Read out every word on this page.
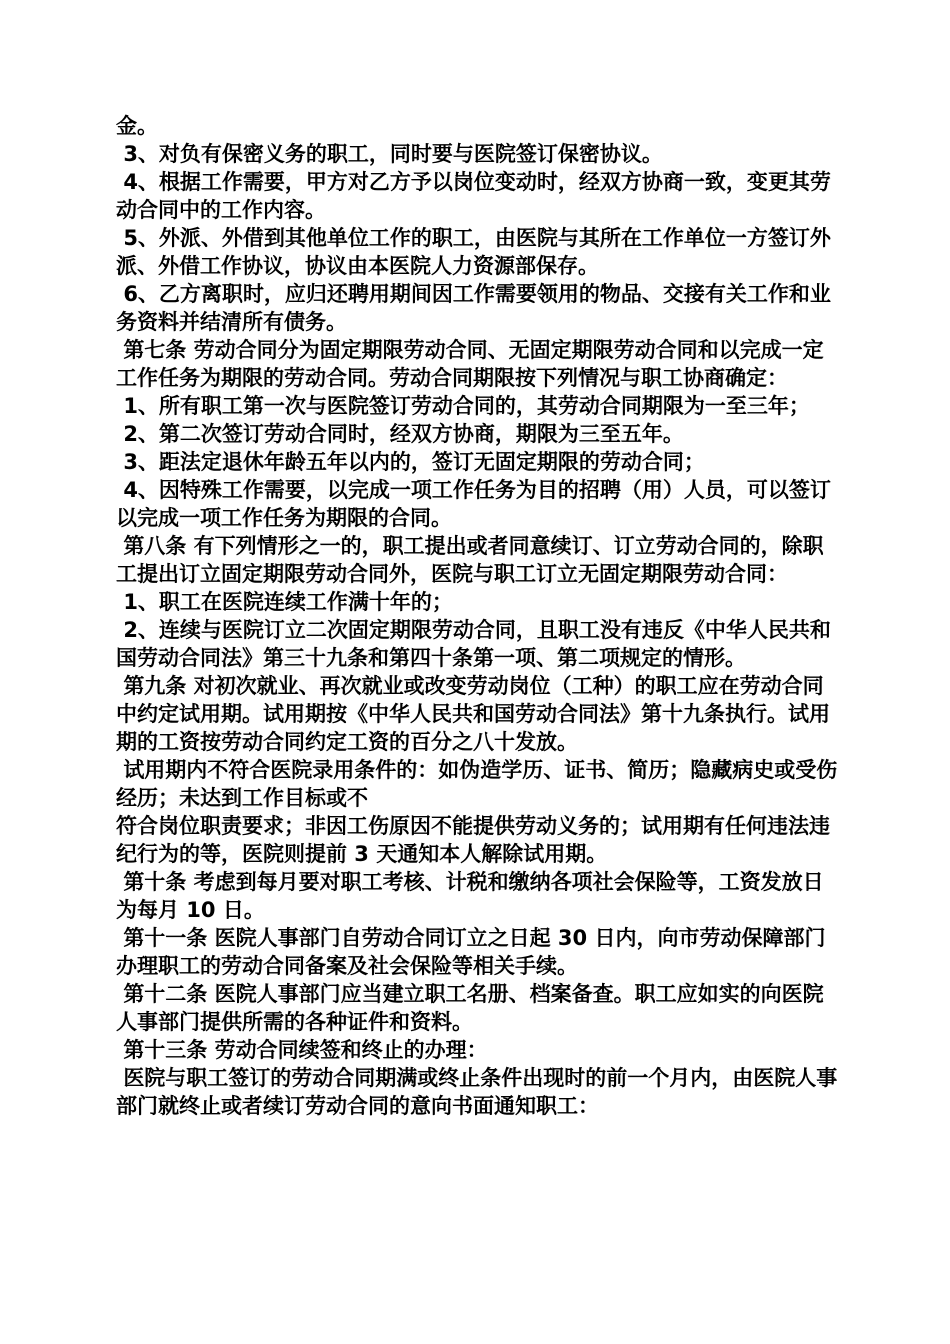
金。

3、对负有保密义务的职工，同时要与医院签订保密协议。

4、根据工作需要，甲方对乙方予以岗位变动时，经双方协商一致，变更其劳动合同中的工作内容。

5、外派、外借到其他单位工作的职工，由医院与其所在工作单位一方签订外派、外借工作协议，协议由本医院人力资源部保存。

6、乙方离职时，应归还聘用期间因工作需要领用的物品、交接有关工作和业务资料并结清所有债务。

第七条 劳动合同分为固定期限劳动合同、无固定期限劳动合同和以完成一定工作任务为期限的劳动合同。劳动合同期限按下列情况与职工协商确定：

1、所有职工第一次与医院签订劳动合同的，其劳动合同期限为一至三年；

2、第二次签订劳动合同时，经双方协商，期限为三至五年。

3、距法定退休年龄五年以内的，签订无固定期限的劳动合同；

4、因特殊工作需要，以完成一项工作任务为目的招聘（用）人员，可以签订以完成一项工作任务为期限的合同。

第八条 有下列情形之一的，职工提出或者同意续订、订立劳动合同的，除职工提出订立固定期限劳动合同外，医院与职工订立无固定期限劳动合同：

1、职工在医院连续工作满十年的；

2、连续与医院订立二次固定期限劳动合同，且职工没有违反《中华人民共和国劳动合同法》第三十九条和第四十条第一项、第二项规定的情形。

第九条 对初次就业、再次就业或改变劳动岗位（工种）的职工应在劳动合同中约定试用期。试用期按《中华人民共和国劳动合同法》第十九条执行。试用期的工资按劳动合同约定工资的百分之八十发放。

试用期内不符合医院录用条件的：如伪造学历、证书、简历；隐藏病史或受伤经历；未达到工作目标或不

符合岗位职责要求；非因工伤原因不能提供劳动义务的；试用期有任何违法违纪行为的等，医院则提前 3 天通知本人解除试用期。

第十条 考虑到每月要对职工考核、计税和缴纳各项社会保险等，工资发放日为每月 10 日。

第十一条 医院人事部门自劳动合同订立之日起 30 日内，向市劳动保障部门办理职工的劳动合同备案及社会保险等相关手续。

第十二条 医院人事部门应当建立职工名册、档案备查。职工应如实的向医院人事部门提供所需的各种证件和资料。

第十三条 劳动合同续签和终止的办理：

医院与职工签订的劳动合同期满或终止条件出现时的前一个月内，由医院人事部门就终止或者续订劳动合同的意向书面通知职工：
